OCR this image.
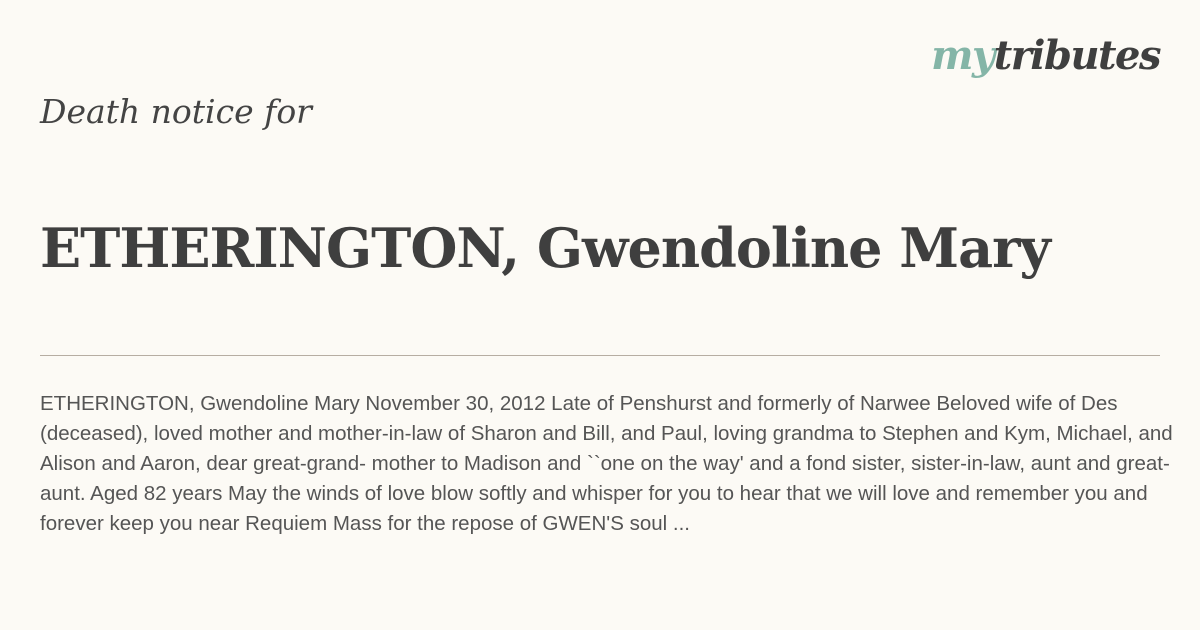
mytributes
Death notice for
ETHERINGTON, Gwendoline Mary

ETHERINGTON, Gwendoline Mary November 30, 2012 Late of Penshurst and formerly of Narwee Beloved wife of Des (deceased), loved mother and mother-in-law of Sharon and Bill, and Paul, loving grandma to Stephen and Kym, Michael, and Alison and Aaron, dear great-grand- mother to Madison and ``one on the way' and a fond sister, sister-in-law, aunt and great- aunt. Aged 82 years May the winds of love blow softly and whisper for you to hear that we will love and remember you and forever keep you near Requiem Mass for the repose of GWEN'S soul ...
